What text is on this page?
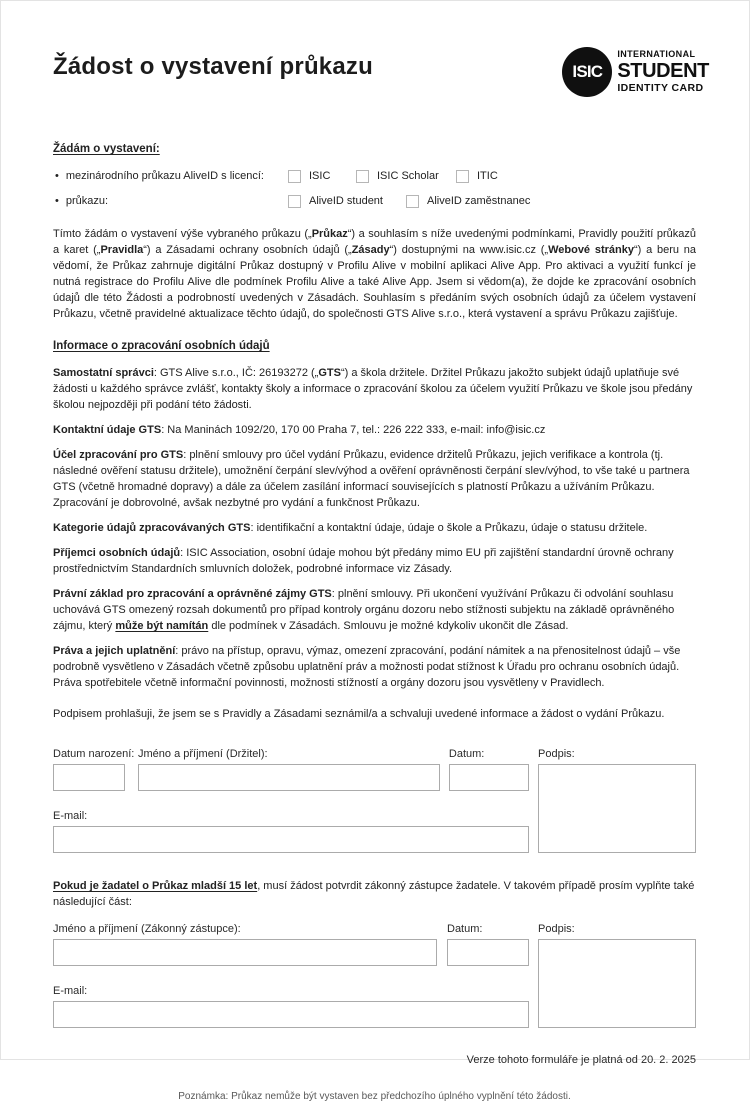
Žádost o vystavení průkazu	ISIC
INTERNATIONAL
STUDENT
IDENTITY CARD
Žádám o vystavení:
• mezinárodního průkazu AliveID s licencí:	ISIC	ISIC Scholar	ITIC
• průkazu:	AliveID student	AliveID zaměstnanec

Tímto žádám o vystavení výše vybraného průkazu („Průkaz“) a souhlasím s níže uvedenými podmínkami, Pravidly použití průkazů a karet („Pravidla“) a Zásadami ochrany osobních údajů („Zásady“) dostupnými na www.isic.cz („Webové stránky“) a beru na vědomí, že Průkaz zahrnuje digitální Průkaz dostupný v Profilu Alive v mobilní aplikaci Alive App. Pro aktivaci a využití funkcí je nutná registrace do Profilu Alive dle podmínek Profilu Alive a také Alive App. Jsem si vědom(a), že dojde ke zpracování osobních údajů dle této Žádosti a podrobností uvedených v Zásadách. Souhlasím s předáním svých osobních údajů za účelem vystavení Průkazu, včetně pravidelné aktualizace těchto údajů, do společnosti GTS Alive s.r.o., která vystavení a správu Průkazu zajišťuje.

Informace o zpracování osobních údajů

Samostatní správci: GTS Alive s.r.o., IČ: 26193272 („GTS“) a škola držitele. Držitel Průkazu jakožto subjekt údajů uplatňuje své žádosti u každého správce zvlášť, kontakty školy a informace o zpracování školou za účelem využití Průkazu ve škole jsou předány školou nejpozději při podání této žádosti.

Kontaktní údaje GTS: Na Maninách 1092/20, 170 00 Praha 7, tel.: 226 222 333, e-mail: info@isic.cz

Účel zpracování pro GTS: plnění smlouvy pro účel vydání Průkazu, evidence držitelů Průkazu, jejich verifikace a kontrola (tj. následné ověření statusu držitele), umožnění čerpání slev/výhod a ověření oprávněnosti čerpání slev/výhod, to vše také u partnera GTS (včetně hromadné dopravy) a dále za účelem zasílání informací souvisejících s platností Průkazu a užíváním Průkazu. Zpracování je dobrovolné, avšak nezbytné pro vydání a funkčnost Průkazu.

Kategorie údajů zpracovávaných GTS: identifikační a kontaktní údaje, údaje o škole a Průkazu, údaje o statusu držitele.

Příjemci osobních údajů: ISIC Association, osobní údaje mohou být předány mimo EU při zajištění standardní úrovně ochrany prostřednictvím Standardních smluvních doložek, podrobné informace viz Zásady.

Právní základ pro zpracování a oprávněné zájmy GTS: plnění smlouvy. Při ukončení využívání Průkazu či odvolání souhlasu uchovává GTS omezený rozsah dokumentů pro případ kontroly orgánu dozoru nebo stížnosti subjektu na základě oprávněného zájmu, který může být namítán dle podmínek v Zásadách. Smlouvu je možné kdykoliv ukončit dle Zásad.

Práva a jejich uplatnění: právo na přístup, opravu, výmaz, omezení zpracování, podání námitek a na přenositelnost údajů – vše podrobně vysvětleno v Zásadách včetně způsobu uplatnění práv a možnosti podat stížnost k Úřadu pro ochranu osobních údajů. Práva spotřebitele včetně informační povinnosti, možnosti stížností a orgány dozoru jsou vysvětleny v Pravidlech.

Podpisem prohlašuji, že jsem se s Pravidly a Zásadami seznámil/a a schvaluji uvedené informace a žádost o vydání Průkazu.

Datum narození: Jméno a příjmení (Držitel):	Datum:
E-mail:
Podpis:

Pokud je žadatel o Průkaz mladší 15 let, musí žádost potvrdit zákonný zástupce žadatele. V takovém případě prosím vyplňte také následující část:

Jméno a příjmení (Zákonný zástupce):	Datum:
E-mail:
Podpis:
Verze tohoto formuláře je platná od 20. 2. 2025
Poznámka: Průkaz nemůže být vystaven bez předchozího úplného vyplnění této žádosti.
